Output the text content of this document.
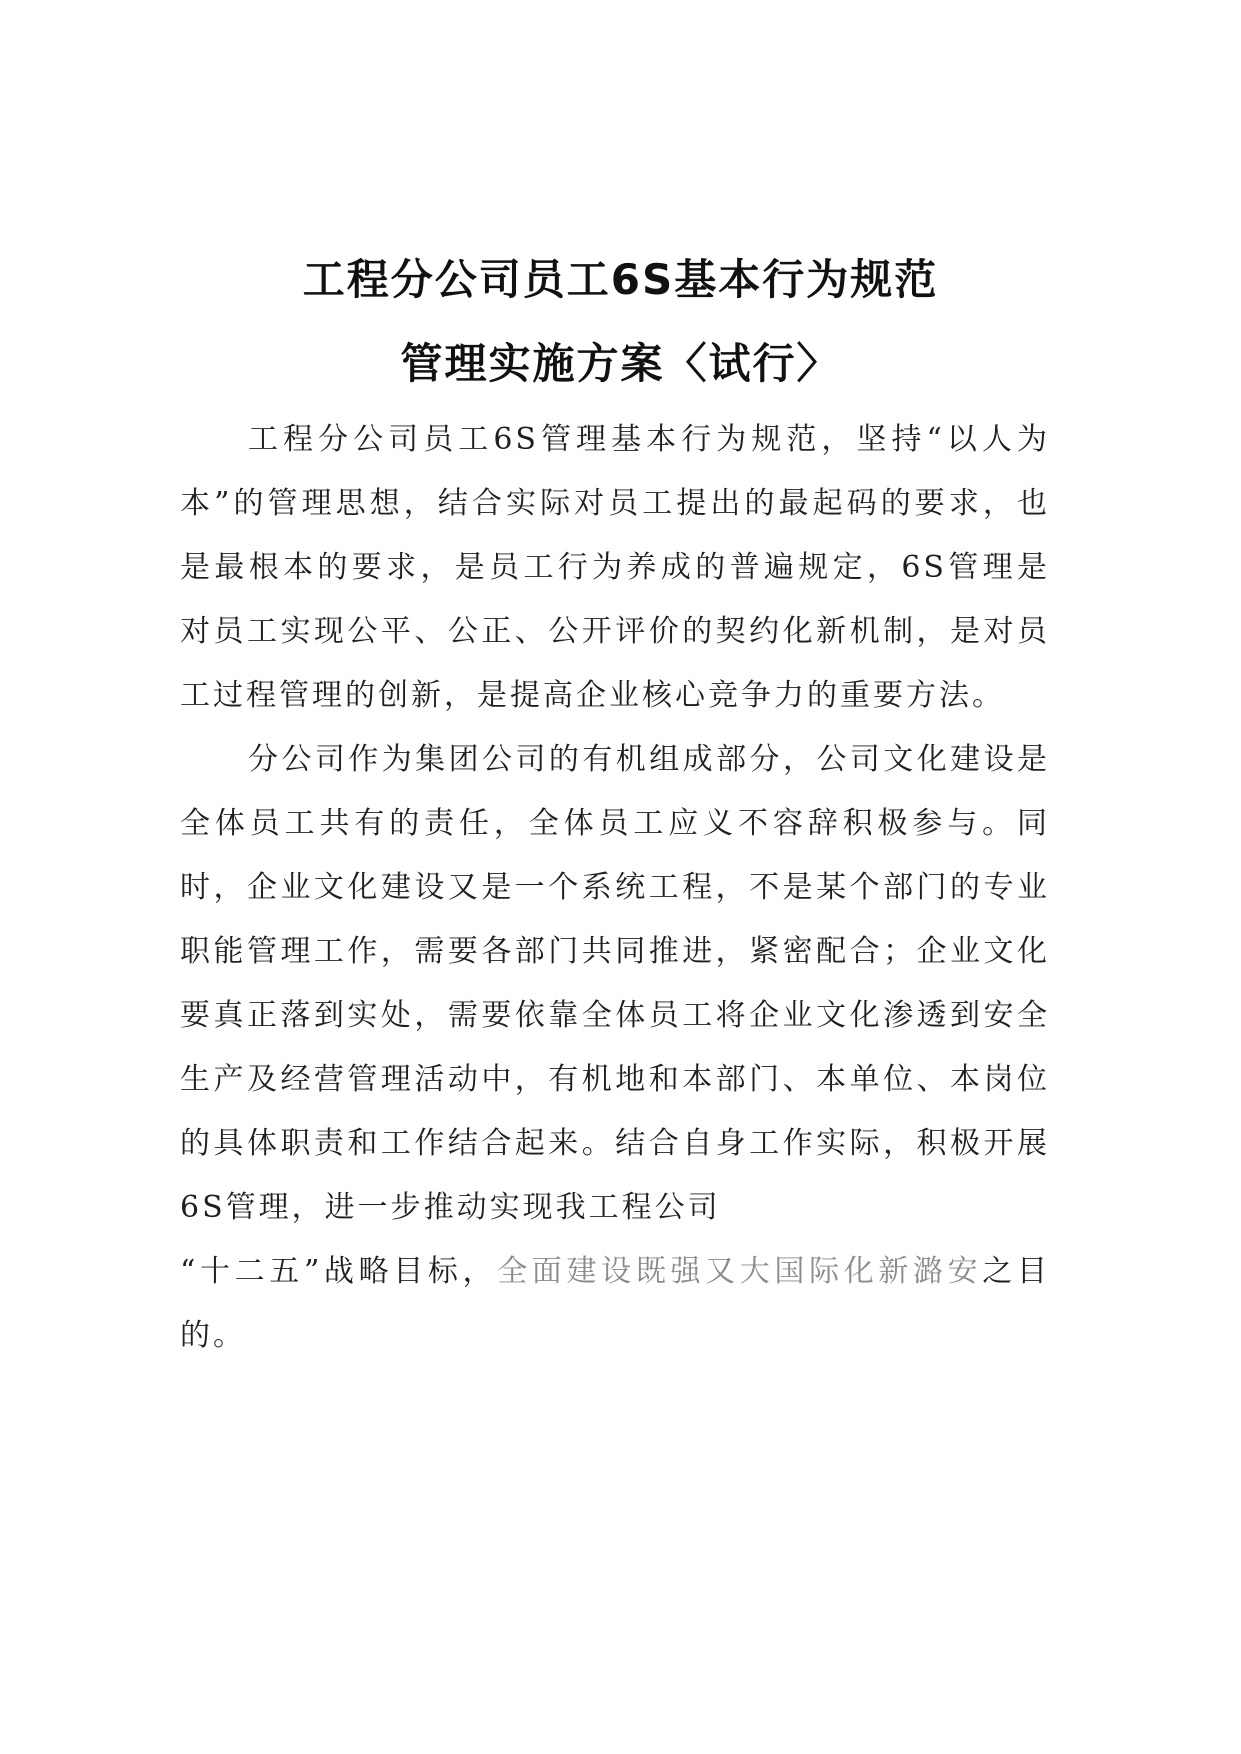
工程分公司员工6S基本行为规范
管理实施方案〈试行〉

工程分公司员工6S管理基本行为规范，坚持“以人为本”的管理思想，结合实际对员工提出的最起码的要求，也是最根本的要求，是员工行为养成的普遍规定，6S管理是对员工实现公平、公正、公开评价的契约化新机制，是对员工过程管理的创新，是提高企业核心竞争力的重要方法。

分公司作为集团公司的有机组成部分，公司文化建设是全体员工共有的责任，全体员工应义不容辞积极参与。同时，企业文化建设又是一个系统工程，不是某个部门的专业职能管理工作，需要各部门共同推进，紧密配合；企业文化要真正落到实处，需要依靠全体员工将企业文化渗透到安全生产及经营管理活动中，有机地和本部门、本单位、本岗位的具体职责和工作结合起来。结合自身工作实际，积极开展6S管理，进一步推动实现我工程公司

“十二五”战略目标，全面建设既强又大国际化新潞安之目的。
